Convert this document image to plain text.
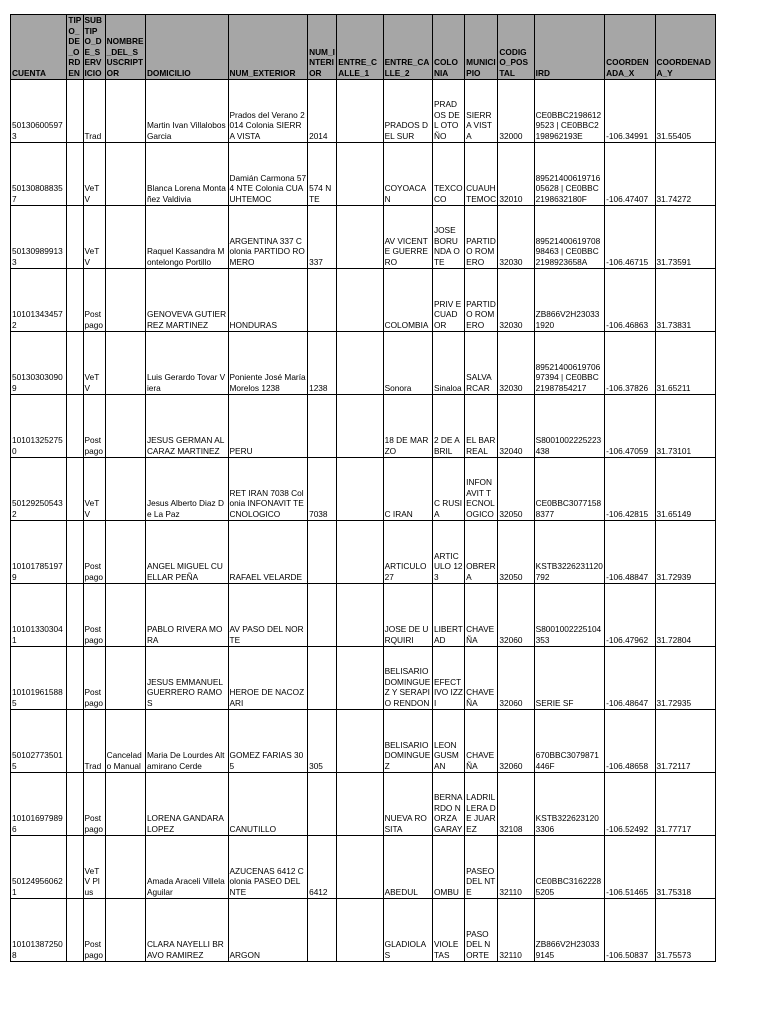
CUENTA	TIPO_DE_ORDEN	SUB TIPO_DE_SERVICIO	NOMBRE_DEL_SUSCRIPTOR	DOMICILIO	NUM_EXTERIOR	NUM_INTERIOR	ENTRE_CALLE_1	ENTRE_CALLE_2	COLONIA	MUNICIPIO	CODIGO_POSTAL	IRD	COORDENADA_X	COORDENADA_Y
501306005973		Trad		Martin Ivan Villalobos Garcia	Prados del Verano 2014 Colonia SIERRA VISTA	2014		PRADOS DEL SUR	PRADOS DEL OTOÑO	SIERRA VISTA	32000	CE0BBC21986129523 | CE0BBC2198962193E	-106.34991	31.55405
501308088357		VeTV		Blanca Lorena Montañez Valdivia	Damián Carmona 574 NTE Colonia CUAUHTEMOC	574 NTE		COYOACAN	TEXCOCO	CUAUHTEMOC	32010	8952140061971605628 | CE0BBC2198632180F	-106.47407	31.74272
501309899133		VeTV		Raquel Kassandra Montelongo Portillo	ARGENTINA 337 Colonia PARTIDO ROMERO	337		AV VICENTE GUERRERO	JOSE BORUNDA OTE	PARTIDO ROMERO	32030	8952140061970898463 | CE0BBC2198923658A	-106.46715	31.73591
101013434572		Postpago		GENOVEVA GUTIERREZ MARTINEZ	HONDURAS			COLOMBIA	PRIV ECUADOR	PARTIDO ROMERO	32030	ZB866V2H230331920	-106.46863	31.73831
501303030909		VeTV		Luis Gerardo Tovar Viera	Poniente José María Morelos 1238	1238		Sonora	Sinaloa	SALVARCAR	32030	8952140061970697394 | CE0BBC21987854217	-106.37826	31.65211
101013252750		Postpago		JESUS GERMAN ALCARAZ MARTINEZ	PERU			18 DE MARZO	2 DE ABRIL	EL BARREAL	32040	S8001002225223438	-106.47059	31.73101
501292505432		VeTV		Jesus Alberto Diaz De La Paz	RET IRAN 7038 Colonia INFONAVIT TECNOLOGICO	7038		C IRAN	C RUSIA	INFONAVIT TECNOLOGICO	32050	CE0BBC30771588377	-106.42815	31.65149
101017851979		Postpago		ANGEL MIGUEL CUELLAR PEÑA	RAFAEL VELARDE			ARTICULO 27	ARTICULO 123	OBRERA	32050	KSTB3226231120792	-106.48847	31.72939
101013303041		Postpago		PABLO RIVERA MORA	AV PASO DEL NORTE			JOSE DE URQUIRI	LIBERTAD	CHAVEÑA	32060	S8001002225104353	-106.47962	31.72804
101019615885		Postpago		JESUS EMMANUEL GUERRERO RAMOS	HEROE DE NACOZARI			BELISARIO DOMINGUEZ Y SERAPIO RENDON	EFECTIVO IZZI	CHAVEÑA	32060	SERIE SF	-106.48647	31.72935
501027735015		Trad	Cancelado Manual	Maria De Lourdes Altamirano Cerde	GOMEZ FARIAS 305	305		BELISARIO DOMINGUEZ	LEON GUSMAN	CHAVEÑA	32060	670BBC3079871446F	-106.48658	31.72117
101016979896		Postpago		LORENA GANDARA LOPEZ	CANUTILLO			NUEVA ROSITA	BERNARDO NORZA GARAY	LADRILLERA DE JUAREZ	32108	KSTB3226231203306	-106.52492	31.77717
501249560621		VeTV Plus		Amada Araceli Villela Aguilar	AZUCENAS 6412 Colonia PASEO DEL NTE	6412		ABEDUL	OMBU	PASEO DEL NTE	32110	CE0BBC31622285205	-106.51465	31.75318
101013872508		Postpago		CLARA NAYELLI BRAVO RAMIREZ	ARGON			GLADIOLAS	VIOLETAS	PASO DEL NORTE	32110	ZB866V2H230339145	-106.50837	31.75573
